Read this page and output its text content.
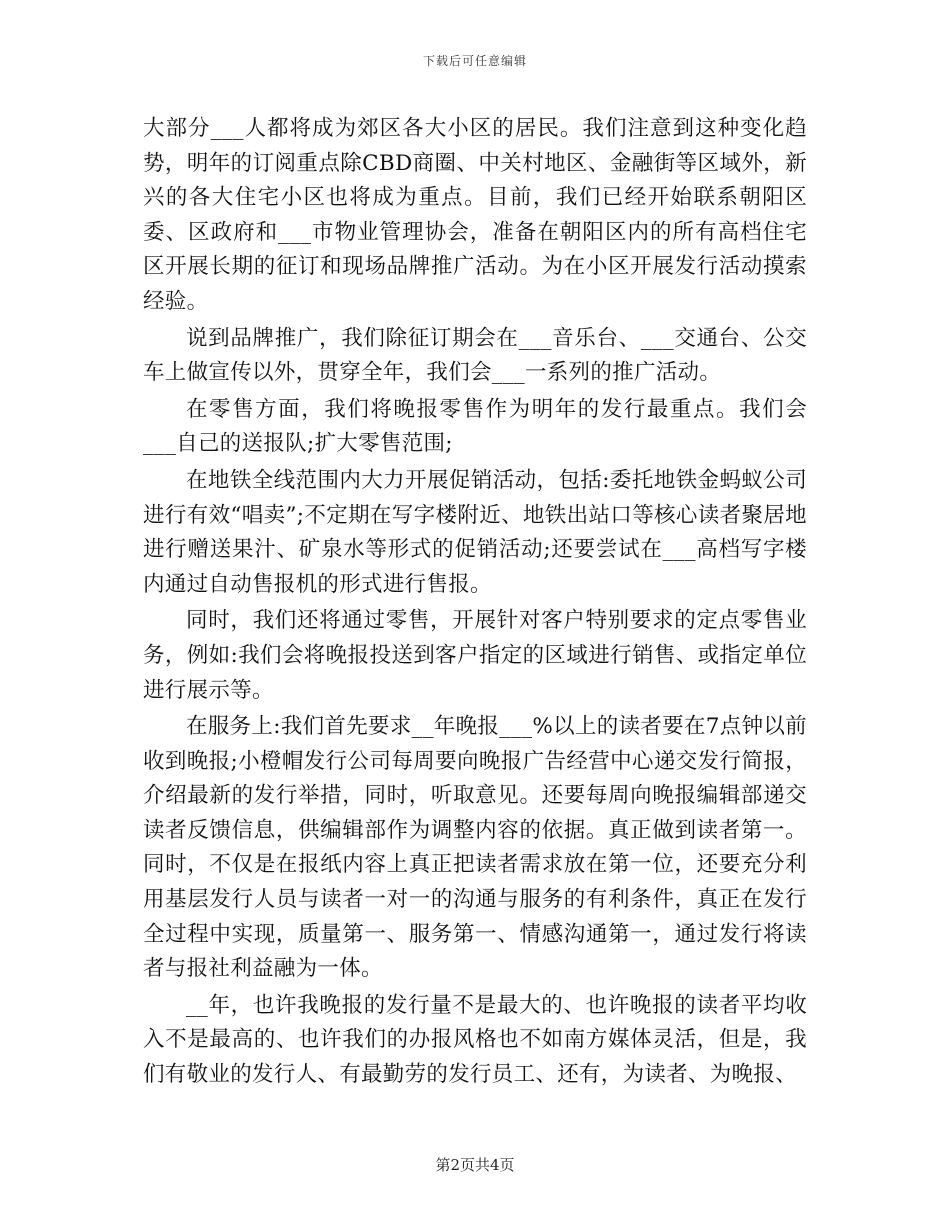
下载后可任意编辑

大部分___人都将成为郊区各大小区的居民。我们注意到这种变化趋势，明年的订阅重点除CBD商圈、中关村地区、金融街等区域外，新兴的各大住宅小区也将成为重点。目前，我们已经开始联系朝阳区委、区政府和___市物业管理协会，准备在朝阳区内的所有高档住宅区开展长期的征订和现场品牌推广活动。为在小区开展发行活动摸索经验。

说到品牌推广，我们除征订期会在___音乐台、___交通台、公交车上做宣传以外，贯穿全年，我们会___一系列的推广活动。

在零售方面，我们将晚报零售作为明年的发行最重点。我们会___自己的送报队;扩大零售范围;

在地铁全线范围内大力开展促销活动，包括:委托地铁金蚂蚁公司进行有效“唱卖”;不定期在写字楼附近、地铁出站口等核心读者聚居地进行赠送果汁、矿泉水等形式的促销活动;还要尝试在___高档写字楼内通过自动售报机的形式进行售报。

同时，我们还将通过零售，开展针对客户特别要求的定点零售业务，例如:我们会将晚报投送到客户指定的区域进行销售、或指定单位进行展示等。

在服务上:我们首先要求__年晚报___%以上的读者要在7点钟以前收到晚报;小橙帽发行公司每周要向晚报广告经营中心递交发行简报，介绍最新的发行举措，同时，听取意见。还要每周向晚报编辑部递交读者反馈信息，供编辑部作为调整内容的依据。真正做到读者第一。同时，不仅是在报纸内容上真正把读者需求放在第一位，还要充分利用基层发行人员与读者一对一的沟通与服务的有利条件，真正在发行全过程中实现，质量第一、服务第一、情感沟通第一，通过发行将读者与报社利益融为一体。

__年，也许我晚报的发行量不是最大的、也许晚报的读者平均收入不是最高的、也许我们的办报风格也不如南方媒体灵活，但是，我们有敬业的发行人、有最勤劳的发行员工、还有，为读者、为晚报、

第2页共4页
